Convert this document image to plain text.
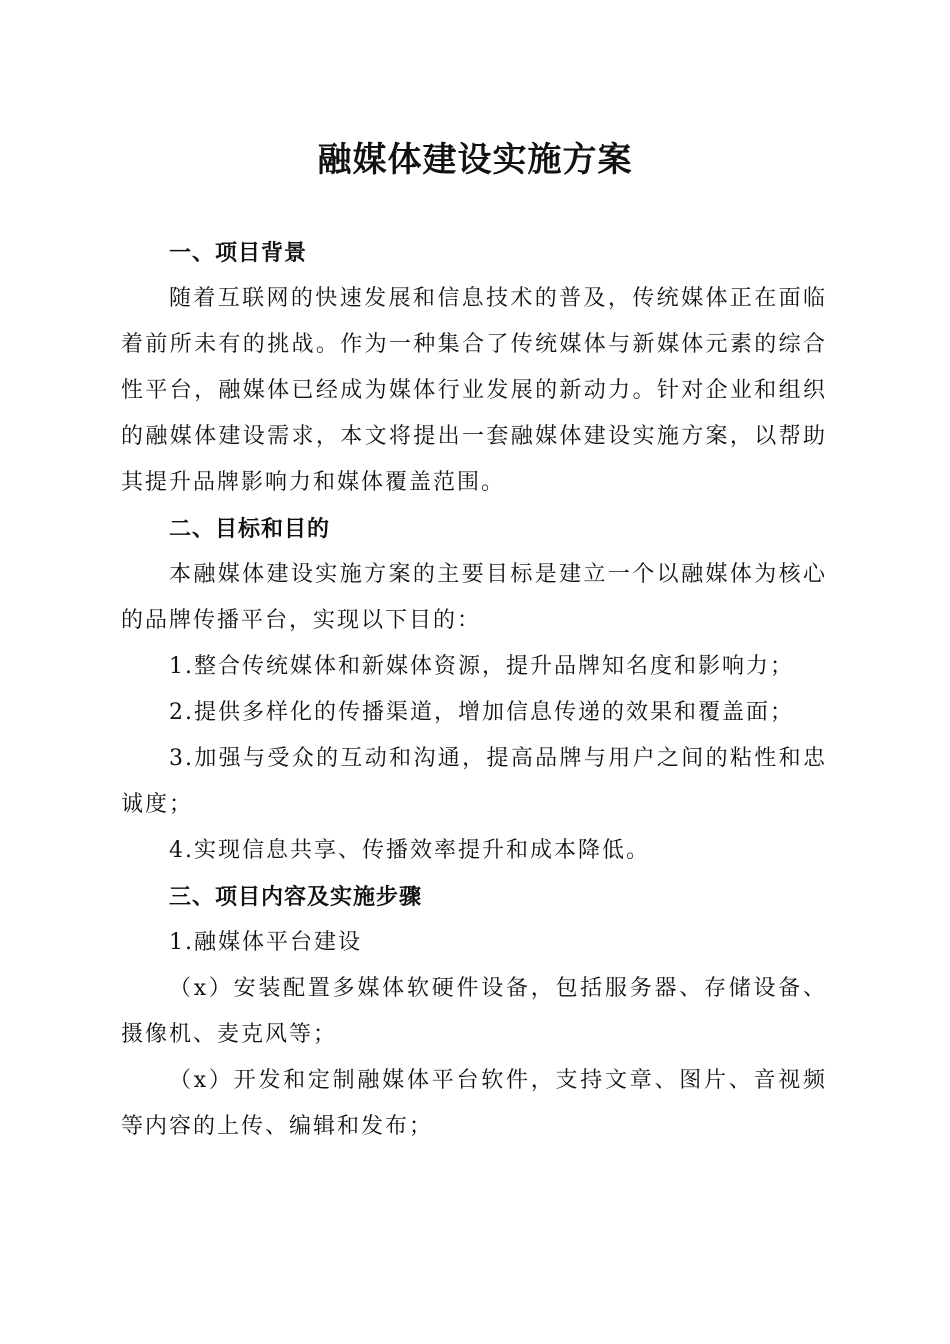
融媒体建设实施方案

一、项目背景

随着互联网的快速发展和信息技术的普及，传统媒体正在面临着前所未有的挑战。作为一种集合了传统媒体与新媒体元素的综合性平台，融媒体已经成为媒体行业发展的新动力。针对企业和组织的融媒体建设需求，本文将提出一套融媒体建设实施方案，以帮助其提升品牌影响力和媒体覆盖范围。

二、目标和目的

本融媒体建设实施方案的主要目标是建立一个以融媒体为核心的品牌传播平台，实现以下目的：

1.整合传统媒体和新媒体资源，提升品牌知名度和影响力；

2.提供多样化的传播渠道，增加信息传递的效果和覆盖面；

3.加强与受众的互动和沟通，提高品牌与用户之间的粘性和忠诚度；

4.实现信息共享、传播效率提升和成本降低。

三、项目内容及实施步骤

1.融媒体平台建设

（x）安装配置多媒体软硬件设备，包括服务器、存储设备、摄像机、麦克风等；

（x）开发和定制融媒体平台软件，支持文章、图片、音视频等内容的上传、编辑和发布；
